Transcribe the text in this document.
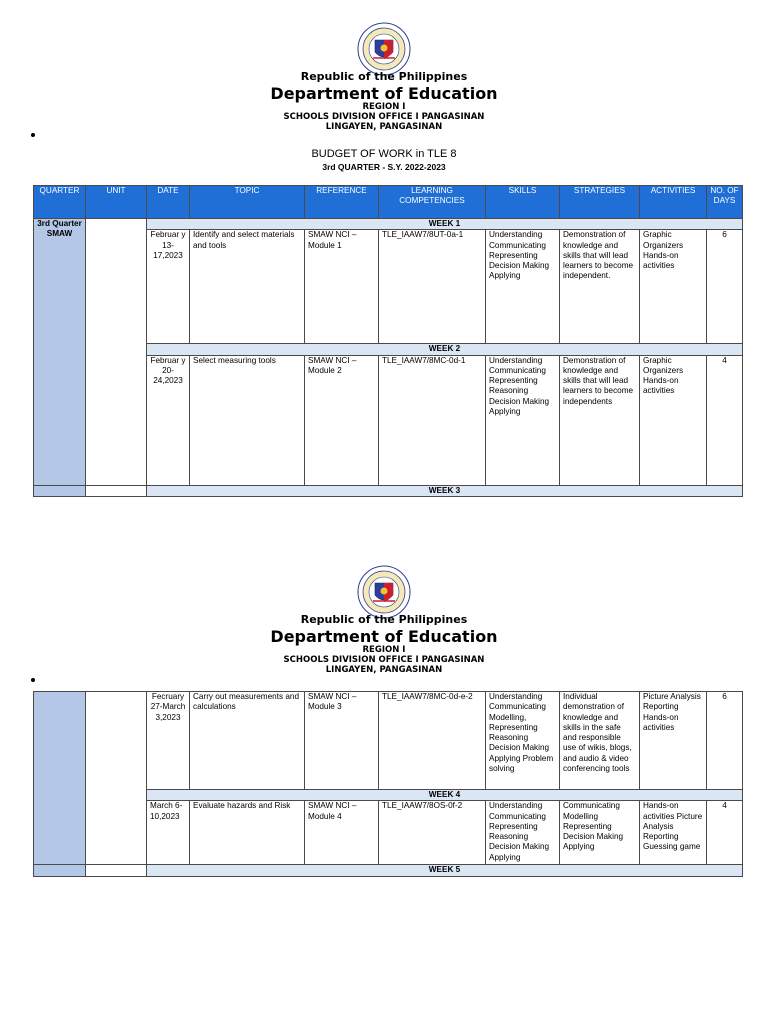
Republic of the Philippines
Department of Education
REGION I
SCHOOLS DIVISION OFFICE I PANGASINAN
LINGAYEN, PANGASINAN
BUDGET OF WORK in TLE 8
3rd QUARTER - S.Y. 2022-2023
QUARTER	UNIT	DATE	TOPIC	REFERENCE	LEARNING COMPETENCIES	SKILLS	STRATEGIES	ACTIVITIES	NO. OF DAYS
3rd Quarter SMAW		WEEK 1							
		Februar y 13-17,2023	Identify and select materials and tools	SMAW NCI – Module 1	TLE_IAAW7/8UT-0a-1	Understanding Communicating Representing Decision Making Applying	Demonstration of knowledge and skills that will lead learners to become independent.	Graphic Organizers Hands-on activities	6
		WEEK 2							
		Februar y 20-24,2023	Select measuring tools	SMAW NCI – Module 2	TLE_IAAW7/8MC-0d-1	Understanding Communicating Representing Reasoning Decision Making Applying	Demonstration of knowledge and skills that will lead learners to become independents	Graphic Organizers Hands-on activities	4
		WEEK 3							
Republic of the Philippines
Department of Education
REGION I
SCHOOLS DIVISION OFFICE I PANGASINAN
LINGAYEN, PANGASINAN
		Fecruary 27-March 3,2023	Carry out measurements and calculations	SMAW NCI – Module 3	TLE_IAAW7/8MC-0d-e-2	Understanding Communicating Modelling, Representing Reasoning Decision Making Applying Problem solving	Individual demonstration of knowledge and skills in the safe and responsible use of wikis, blogs, and audio & video conferencing tools	Picture Analysis Reporting Hands-on activities	6
		WEEK 4							
		March 6-10,2023	Evaluate hazards and Risk	SMAW NCI – Module 4	TLE_IAAW7/8OS-0f-2	Understanding Communicating Representing Reasoning Decision Making Applying	Communicating Modelling Representing Decision Making Applying	Hands-on activities Picture Analysis Reporting Guessing game	4
		WEEK 5							
